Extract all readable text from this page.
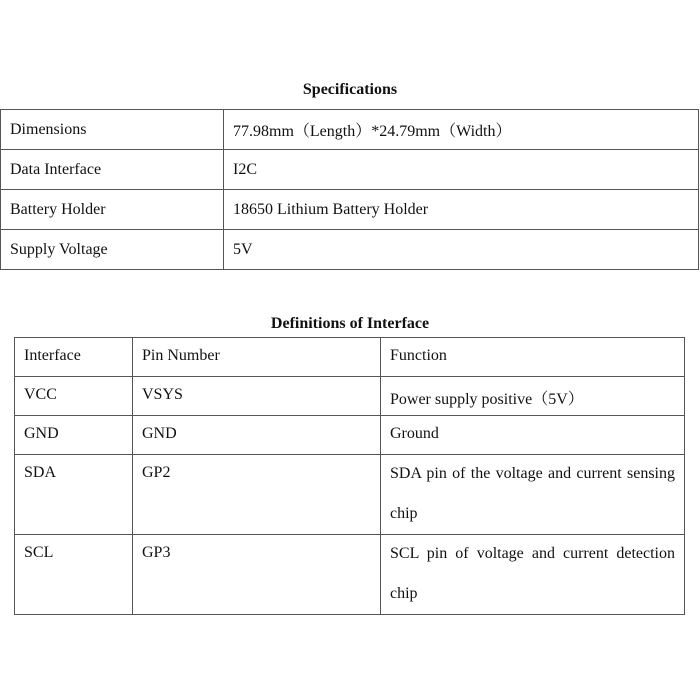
Specifications
Dimensions	77.98mm（Length）*24.79mm（Width）
Data Interface	I2C
Battery Holder	18650 Lithium Battery Holder
Supply Voltage	5V
Definitions of Interface
Interface	Pin Number	Function
VCC	VSYS	Power supply positive（5V）
GND	GND	Ground
SDA	GP2	SDA pin of the voltage and current sensing chip

SCL	GP3	SCL pin of voltage and current detection chip
